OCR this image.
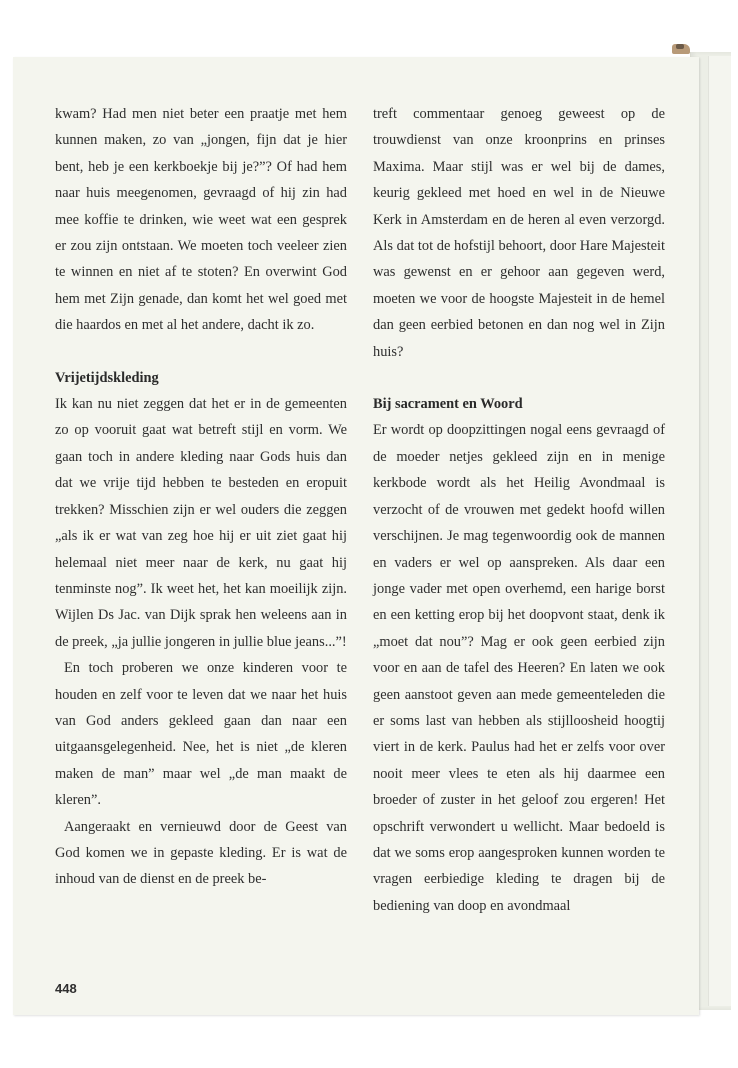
kwam? Had men niet beter een praatje met hem kunnen maken, zo van „jongen, fijn dat je hier bent, heb je een kerkboekje bij je?”? Of had hem naar huis meegenomen, gevraagd of hij zin had mee koffie te drinken, wie weet wat een gesprek er zou zijn ontstaan. We moeten toch veeleer zien te winnen en niet af te stoten? En overwint God hem met Zijn genade, dan komt het wel goed met die haardos en met al het andere, dacht ik zo.

Vrijetijdskleding

Ik kan nu niet zeggen dat het er in de gemeenten zo op vooruit gaat wat betreft stijl en vorm. We gaan toch in andere kleding naar Gods huis dan dat we vrije tijd hebben te besteden en eropuit trekken? Misschien zijn er wel ouders die zeggen „als ik er wat van zeg hoe hij er uit ziet gaat hij helemaal niet meer naar de kerk, nu gaat hij tenminste nog”. Ik weet het, het kan moeilijk zijn. Wijlen Ds Jac. van Dijk sprak hen weleens aan in de preek, „ja jullie jongeren in jullie blue jeans...”!

En toch proberen we onze kinderen voor te houden en zelf voor te leven dat we naar het huis van God anders gekleed gaan dan naar een uitgaansgelegenheid. Nee, het is niet „de kleren maken de man” maar wel „de man maakt de kleren”.

Aangeraakt en vernieuwd door de Geest van God komen we in gepaste kleding. Er is wat de inhoud van de dienst en de preek be-

treft commentaar genoeg geweest op de trouwdienst van onze kroonprins en prinses Maxima. Maar stijl was er wel bij de dames, keurig gekleed met hoed en wel in de Nieuwe Kerk in Amsterdam en de heren al even verzorgd. Als dat tot de hofstijl behoort, door Hare Majesteit was gewenst en er gehoor aan gegeven werd, moeten we voor de hoogste Majesteit in de hemel dan geen eerbied betonen en dan nog wel in Zijn huis?

Bij sacrament en Woord

Er wordt op doopzittingen nogal eens gevraagd of de moeder netjes gekleed zijn en in menige kerkbode wordt als het Heilig Avondmaal is verzocht of de vrouwen met gedekt hoofd willen verschijnen. Je mag tegenwoordig ook de mannen en vaders er wel op aanspreken. Als daar een jonge vader met open overhemd, een harige borst en een ketting erop bij het doopvont staat, denk ik „moet dat nou”? Mag er ook geen eerbied zijn voor en aan de tafel des Heeren? En laten we ook geen aanstoot geven aan mede gemeenteleden die er soms last van hebben als stijlloosheid hoogtij viert in de kerk. Paulus had het er zelfs voor over nooit meer vlees te eten als hij daarmee een broeder of zuster in het geloof zou ergeren! Het opschrift verwondert u wellicht. Maar bedoeld is dat we soms erop aangesproken kunnen worden te vragen eerbiedige kleding te dragen bij de bediening van doop en avondmaal

448
